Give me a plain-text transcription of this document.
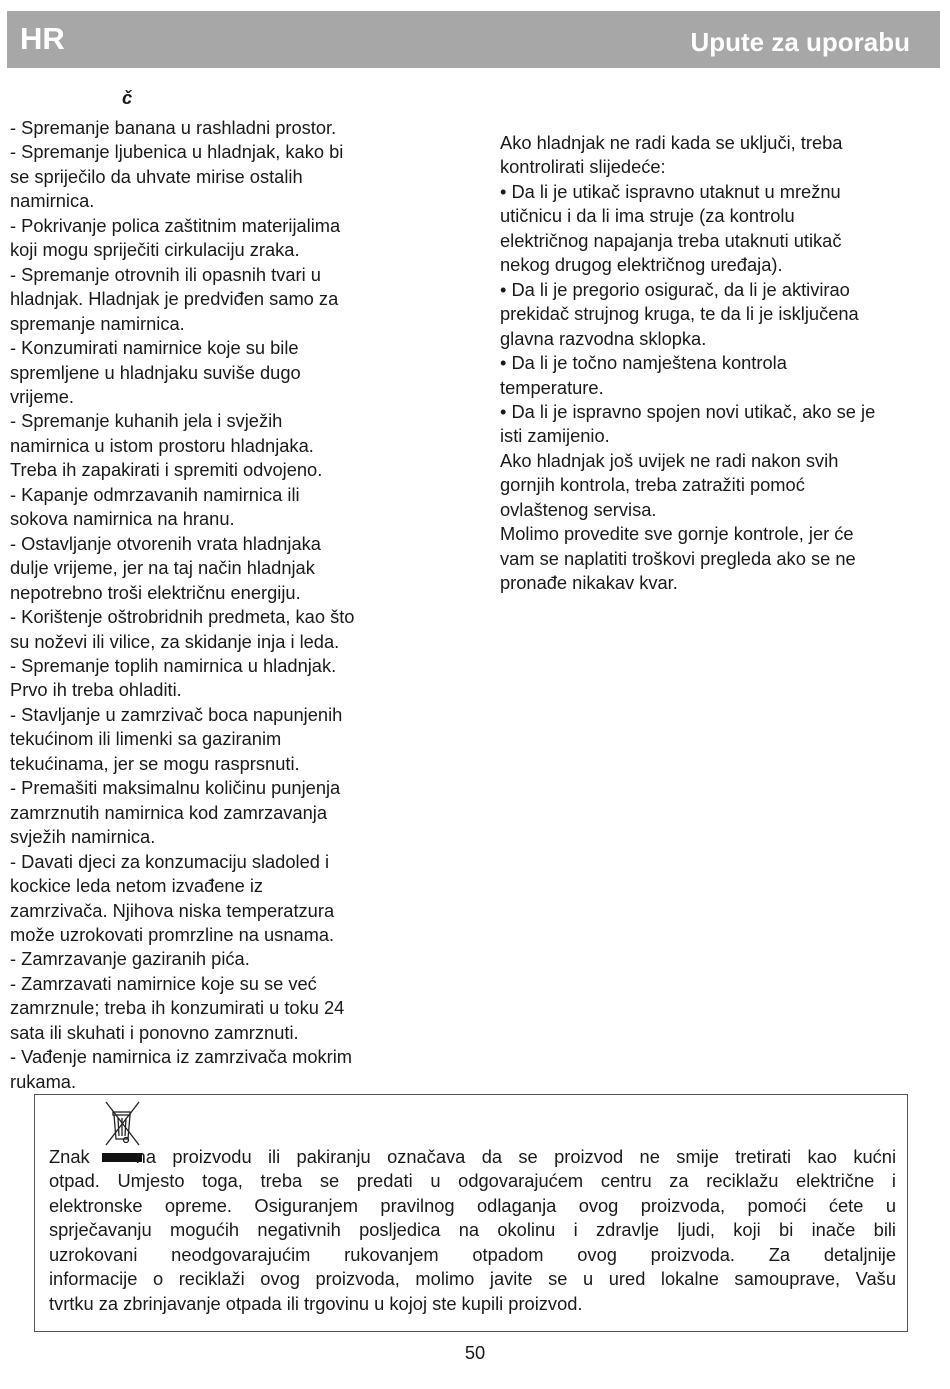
HR	Upute za uporabu
č
- Spremanje banana u rashladni prostor.
- Spremanje ljubenica u hladnjak, kako bi
se spriječilo da uhvate mirise ostalih
namirnica.
- Pokrivanje polica zaštitnim materijalima
koji mogu spriječiti cirkulaciju zraka.
- Spremanje otrovnih ili opasnih tvari u
hladnjak. Hladnjak je predviđen samo za
spremanje namirnica.
- Konzumirati namirnice koje su bile
spremljene u hladnjaku suviše dugo
vrijeme.
- Spremanje kuhanih jela i svježih
namirnica u istom prostoru hladnjaka.
Treba ih zapakirati i spremiti odvojeno.
- Kapanje odmrzavanih namirnica ili
sokova namirnica na hranu.
- Ostavljanje otvorenih vrata hladnjaka
dulje vrijeme, jer na taj način hladnjak
nepotrebno troši električnu energiju.
- Korištenje oštrobridnih predmeta, kao što
su noževi ili vilice, za skidanje inja i leda.
- Spremanje toplih namirnica u hladnjak.
Prvo ih treba ohladiti.
- Stavljanje u zamrzivač boca napunjenih
tekućinom ili limenki sa gaziranim
tekućinama, jer se mogu rasprsnuti.
- Premašiti maksimalnu količinu punjenja
zamrznutih namirnica kod zamrzavanja
svježih namirnica.
- Davati djeci za konzumaciju sladoled i
kockice leda netom izvađene iz
zamrzivača. Njihova niska temperatzura
može uzrokovati promrzline na usnama.
- Zamrzavanje gaziranih pića.
- Zamrzavati namirnice koje su se već
zamrznule; treba ih konzumirati u toku 24
sata ili skuhati i ponovno zamrznuti.
- Vađenje namirnica iz zamrzivača mokrim
rukama.
Ako hladnjak ne radi kada se uključi, treba
kontrolirati slijedeće:
• Da li je utikač ispravno utaknut u mrežnu
utičnicu i da li ima struje (za kontrolu
električnog napajanja treba utaknuti utikač
nekog drugog električnog uređaja).
• Da li je pregorio osigurač, da li je aktivirao
prekidač strujnog kruga, te da li je isključena
glavna razvodna sklopka.
• Da li je točno namještena kontrola
temperature.
• Da li je ispravno spojen novi utikač, ako se je
isti zamijenio.
Ako hladnjak još uvijek ne radi nakon svih
gornjih kontrola, treba zatražiti pomoć
ovlaštenog servisa.
Molimo provedite sve gornje kontrole, jer će
vam se naplatiti troškovi pregleda ako se ne
pronađe nikakav kvar.
Znak	na proizvodu ili pakiranju označava da se proizvod ne smije tretirati kao kućni
otpad. Umjesto toga, treba se predati u odgovarajućem centru za reciklažu električne i
elektronske opreme. Osiguranjem pravilnog odlaganja ovog proizvoda, pomoći ćete u
sprječavanju mogućih negativnih posljedica na okolinu i zdravlje ljudi, koji bi inače bili
uzrokovani neodgovarajućim rukovanjem otpadom ovog proizvoda. Za detaljnije
informacije o reciklaži ovog proizvoda, molimo javite se u ured lokalne samouprave, Vašu
tvrtku za zbrinjavanje otpada ili trgovinu u kojoj ste kupili proizvod.
50
